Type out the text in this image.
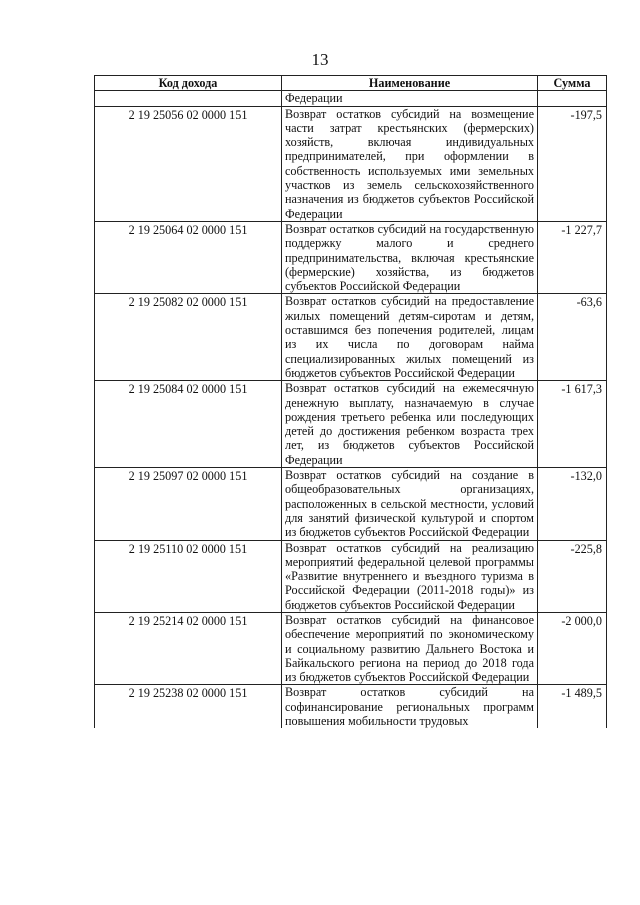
13
Код дохода	Наименование	Сумма
	Федерации	
2 19 25056 02 0000 151	Возврат остатков субсидий на возмещение части затрат крестьянских (фермерских) хозяйств, включая индивидуальных предпринимателей, при оформлении в собственность используемых ими земельных участков из земель сельскохозяйственного назначения из бюджетов субъектов Российской Федерации	-197,5
2 19 25064 02 0000 151	Возврат остатков субсидий на государственную поддержку малого и среднего предпринимательства, включая крестьянские (фермерские) хозяйства, из бюджетов субъектов Российской Федерации	-1 227,7
2 19 25082 02 0000 151	Возврат остатков субсидий на предоставление жилых помещений детям-сиротам и детям, оставшимся без попечения родителей, лицам из их числа по договорам найма специализированных жилых помещений из бюджетов субъектов Российской Федерации	-63,6
2 19 25084 02 0000 151	Возврат остатков субсидий на ежемесячную денежную выплату, назначаемую в случае рождения третьего ребенка или последующих детей до достижения ребенком возраста трех лет, из бюджетов субъектов Российской Федерации	-1 617,3
2 19 25097 02 0000 151	Возврат остатков субсидий на создание в общеобразовательных организациях, расположенных в сельской местности, условий для занятий физической культурой и спортом из бюджетов субъектов Российской Федерации	-132,0
2 19 25110 02 0000 151	Возврат остатков субсидий на реализацию мероприятий федеральной целевой программы «Развитие внутреннего и въездного туризма в Российской Федерации (2011-2018 годы)» из бюджетов субъектов Российской Федерации	-225,8
2 19 25214 02 0000 151	Возврат остатков субсидий на финансовое обеспечение мероприятий по экономическому и социальному развитию Дальнего Востока и Байкальского региона на период до 2018 года из бюджетов субъектов Российской Федерации	-2 000,0
2 19 25238 02 0000 151	Возврат остатков субсидий на софинансирование региональных программ повышения мобильности трудовых	-1 489,5
